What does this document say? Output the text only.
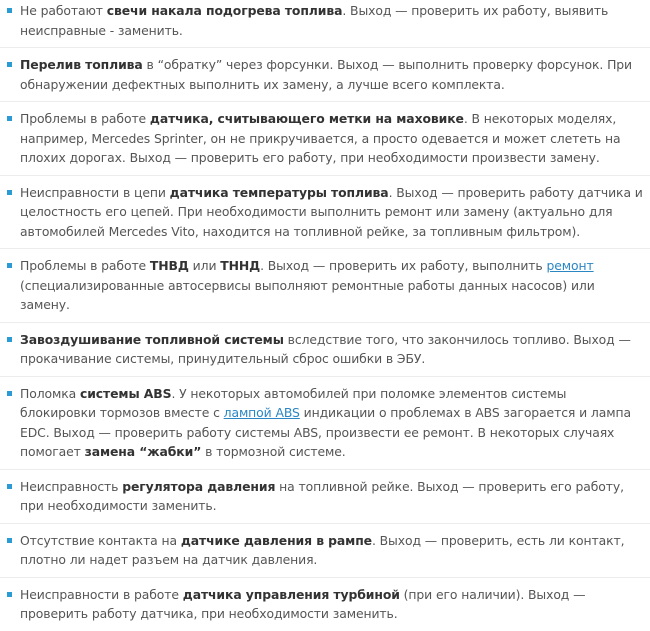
Не работают свечи накала подогрева топлива. Выход — проверить их работу, выявить неисправные - заменить.
Перелив топлива в “обратку” через форсунки. Выход — выполнить проверку форсунок. При обнаружении дефектных выполнить их замену, а лучше всего комплекта.
Проблемы в работе датчика, считывающего метки на маховике. В некоторых моделях, например, Mercedes Sprinter, он не прикручивается, а просто одевается и может слететь на плохих дорогах. Выход — проверить его работу, при необходимости произвести замену.
Неисправности в цепи датчика температуры топлива. Выход — проверить работу датчика и целостность его цепей. При необходимости выполнить ремонт или замену (актуально для автомобилей Mercedes Vito, находится на топливной рейке, за топливным фильтром).
Проблемы в работе ТНВД или ТННД. Выход — проверить их работу, выполнить ремонт (специализированные автосервисы выполняют ремонтные работы данных насосов) или замену.
Завоздушивание топливной системы вследствие того, что закончилось топливо. Выход — прокачивание системы, принудительный сброс ошибки в ЭБУ.
Поломка системы ABS. У некоторых автомобилей при поломке элементов системы блокировки тормозов вместе с лампой ABS индикации о проблемах в ABS загорается и лампа EDC. Выход — проверить работу системы ABS, произвести ее ремонт. В некоторых случаях помогает замена “жабки” в тормозной системе.
Неисправность регулятора давления на топливной рейке. Выход — проверить его работу, при необходимости заменить.
Отсутствие контакта на датчике давления в рампе. Выход — проверить, есть ли контакт, плотно ли надет разъем на датчик давления.
Неисправности в работе датчика управления турбиной (при его наличии). Выход — проверить работу датчика, при необходимости заменить.
